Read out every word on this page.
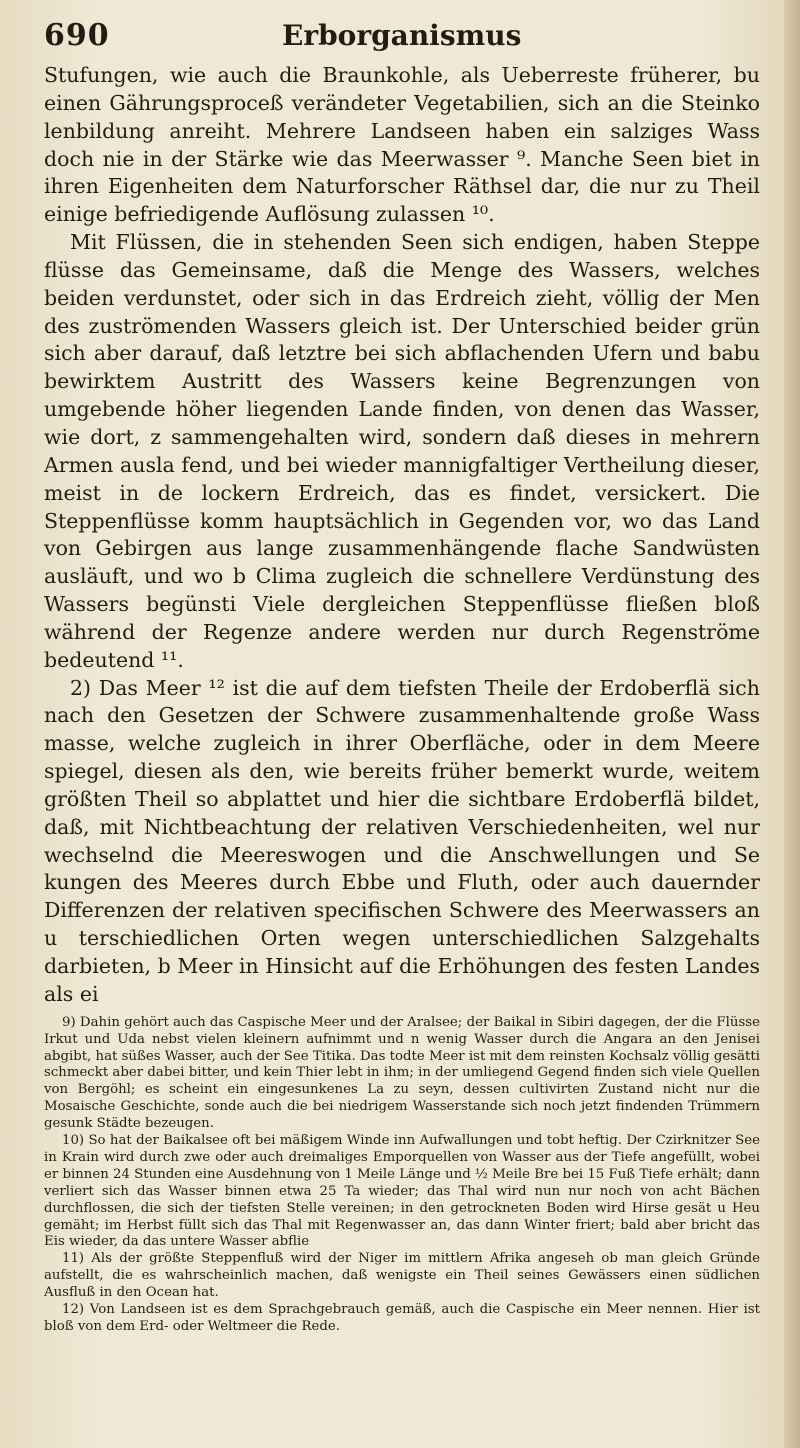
690	Erborganismus

Stufungen, wie auch die Braunkohle, als Ueberreste früherer, bu einen Gährungsproceß verändeter Vegetabilien, sich an die Steinko lenbildung anreiht. Mehrere Landseen haben ein salziges Wass doch nie in der Stärke wie das Meerwasser ⁹. Manche Seen biet in ihren Eigenheiten dem Naturforscher Räthsel dar, die nur zu Theil einige befriedigende Auflösung zulassen ¹⁰.

Mit Flüssen, die in stehenden Seen sich endigen, haben Steppe flüsse das Gemeinsame, daß die Menge des Wassers, welches beiden verdunstet, oder sich in das Erdreich zieht, völlig der Men des zuströmenden Wassers gleich ist. Der Unterschied beider grün sich aber darauf, daß letztre bei sich abflachenden Ufern und babu bewirktem Austritt des Wassers keine Begrenzungen von umgebende höher liegenden Lande finden, von denen das Wasser, wie dort, z sammengehalten wird, sondern daß dieses in mehrern Armen ausla fend, und bei wieder mannigfaltiger Vertheilung dieser, meist in de lockern Erdreich, das es findet, versickert. Die Steppenflüsse komm hauptsächlich in Gegenden vor, wo das Land von Gebirgen aus lange zusammenhängende flache Sandwüsten ausläuft, und wo b Clima zugleich die schnellere Verdünstung des Wassers begünsti Viele dergleichen Steppenflüsse fließen bloß während der Regenze andere werden nur durch Regenströme bedeutend ¹¹.

2) Das Meer ¹² ist die auf dem tiefsten Theile der Erdoberflä sich nach den Gesetzen der Schwere zusammenhaltende große Wass masse, welche zugleich in ihrer Oberfläche, oder in dem Meere spiegel, diesen als den, wie bereits früher bemerkt wurde, weitem größten Theil so abplattet und hier die sichtbare Erdoberflä bildet, daß, mit Nichtbeachtung der relativen Verschiedenheiten, wel nur wechselnd die Meereswogen und die Anschwellungen und Se kungen des Meeres durch Ebbe und Fluth, oder auch dauernder Differenzen der relativen specifischen Schwere des Meerwassers an u terschiedlichen Orten wegen unterschiedlichen Salzgehalts darbieten, b Meer in Hinsicht auf die Erhöhungen des festen Landes als ei

9) Dahin gehört auch das Caspische Meer und der Aralsee; der Baikal in Sibiri dagegen, der die Flüsse Irkut und Uda nebst vielen kleinern aufnimmt und n wenig Wasser durch die Angara an den Jenisei abgibt, hat süßes Wasser, auch der See Titika. Das todte Meer ist mit dem reinsten Kochsalz völlig gesätti schmeckt aber dabei bitter, und kein Thier lebt in ihm; in der umliegend Gegend finden sich viele Quellen von Bergöhl; es scheint ein eingesunkenes La zu seyn, dessen cultivirten Zustand nicht nur die Mosaische Geschichte, sonde auch die bei niedrigem Wasserstande sich noch jetzt findenden Trümmern gesunk Städte bezeugen.

10) So hat der Baikalsee oft bei mäßigem Winde inn Aufwallungen und tobt heftig. Der Czirknitzer See in Krain wird durch zwe oder auch dreimaliges Emporquellen von Wasser aus der Tiefe angefüllt, wobei er binnen 24 Stunden eine Ausdehnung von 1 Meile Länge und ½ Meile Bre bei 15 Fuß Tiefe erhält; dann verliert sich das Wasser binnen etwa 25 Ta wieder; das Thal wird nun nur noch von acht Bächen durchflossen, die sich der tiefsten Stelle vereinen; in den getrockneten Boden wird Hirse gesät u Heu gemäht; im Herbst füllt sich das Thal mit Regenwasser an, das dann Winter friert; bald aber bricht das Eis wieder, da das untere Wasser abflie

11) Als der größte Steppenfluß wird der Niger im mittlern Afrika angeseh ob man gleich Gründe aufstellt, die es wahrscheinlich machen, daß wenigste ein Theil seines Gewässers einen südlichen Ausfluß in den Ocean hat.

12) Von Landseen ist es dem Sprachgebrauch gemäß, auch die Caspische ein Meer nennen. Hier ist bloß von dem Erd- oder Weltmeer die Rede.
